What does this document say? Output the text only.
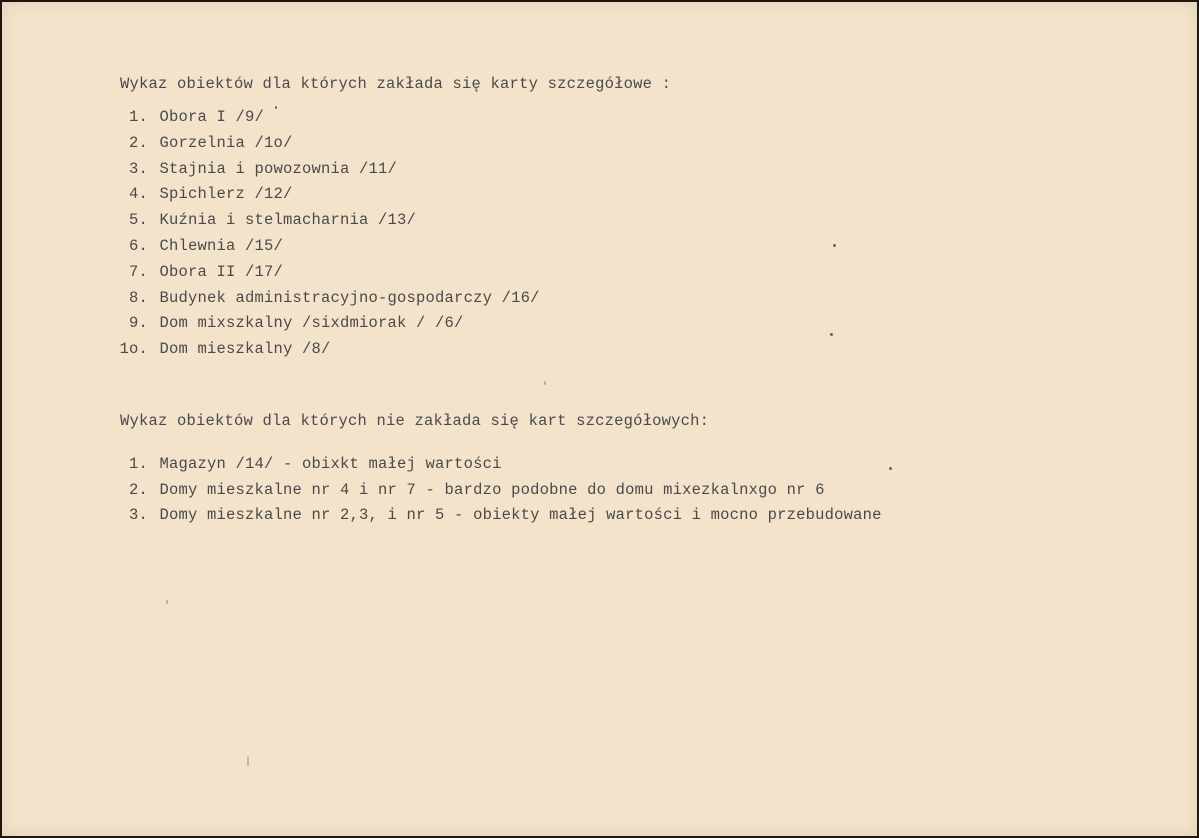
Wykaz obiektów dla których zakłada się karty szczegółowe :
1. Obora I /9/
2. Gorzelnia /1o/
3. Stajnia i powozownia /11/
4. Spichlerz /12/
5. Kuźnia i stelmacharnia /13/
6. Chlewnia /15/
7. Obora II /17/
8. Budynek administracyjno-gospodarczy /16/
9. Dom mixszkalny /sixdmiorak / /6/
1o. Dom mieszkalny /8/
Wykaz obiektów dla których nie zakłada się kart szczegółowych:
1. Magazyn /14/ - obixkt małej wartości
2. Domy mieszkalne nr 4 i nr 7 - bardzo podobne do domu mixezkalnxgo nr 6
3. Domy mieszkalne nr 2,3, i nr 5 - obiekty małej wartości i mocno przebudowane
